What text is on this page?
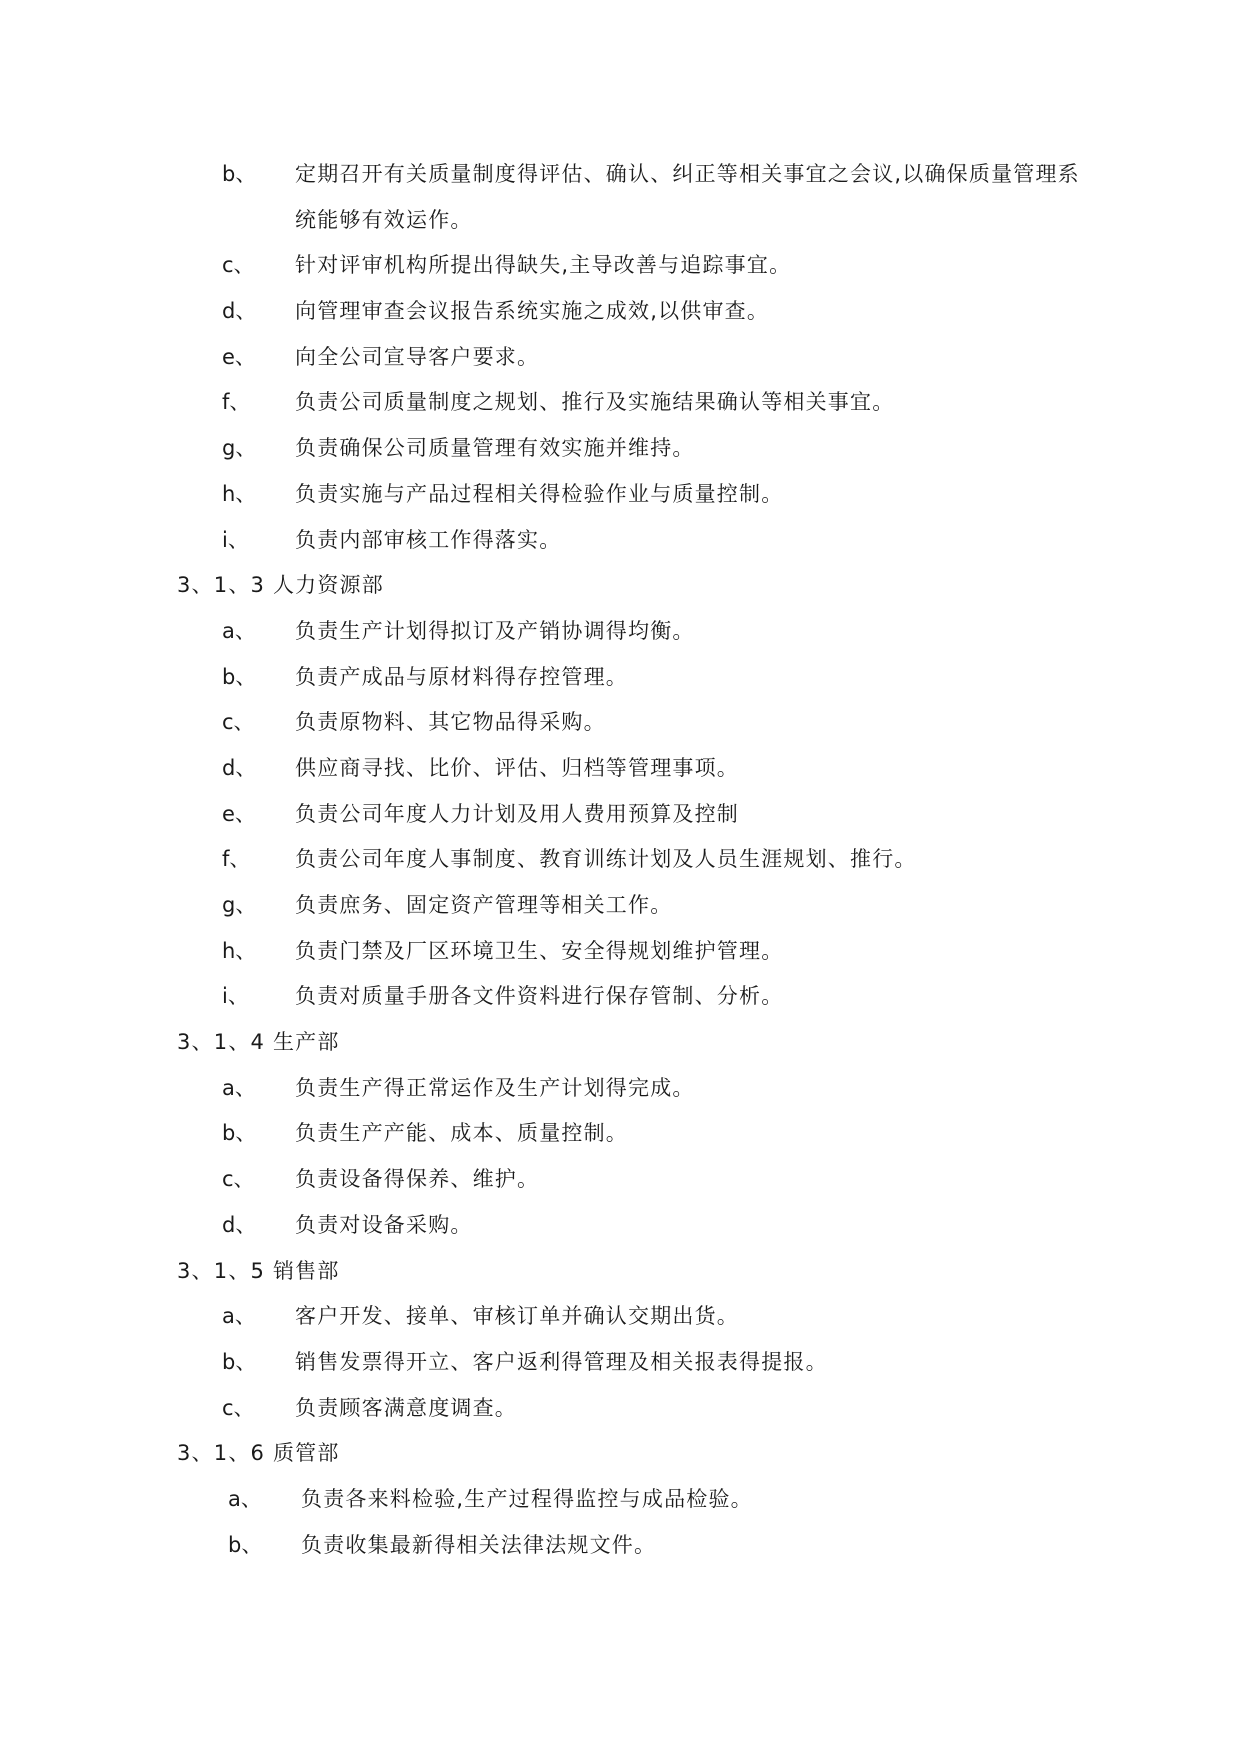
b、 定期召开有关质量制度得评估、确认、纠正等相关事宜之会议,以确保质量管理系
统能够有效运作。
c、 针对评审机构所提出得缺失,主导改善与追踪事宜。
d、 向管理审查会议报告系统实施之成效,以供审查。
e、 向全公司宣导客户要求。
f、 负责公司质量制度之规划、推行及实施结果确认等相关事宜。
g、 负责确保公司质量管理有效实施并维持。
h、 负责实施与产品过程相关得检验作业与质量控制。
i、 负责内部审核工作得落实。
3、1、3 人力资源部
a、 负责生产计划得拟订及产销协调得均衡。
b、 负责产成品与原材料得存控管理。
c、 负责原物料、其它物品得采购。
d、 供应商寻找、比价、评估、归档等管理事项。
e、 负责公司年度人力计划及用人费用预算及控制
f、 负责公司年度人事制度、教育训练计划及人员生涯规划、推行。
g、 负责庶务、固定资产管理等相关工作。
h、 负责门禁及厂区环境卫生、安全得规划维护管理。
i、 负责对质量手册各文件资料进行保存管制、分析。
3、1、4 生产部
a、 负责生产得正常运作及生产计划得完成。
b、 负责生产产能、成本、质量控制。
c、 负责设备得保养、维护。
d、 负责对设备采购。
3、1、5 销售部
a、 客户开发、接单、审核订单并确认交期出货。
b、 销售发票得开立、客户返利得管理及相关报表得提报。
c、 负责顾客满意度调查。
3、1、6 质管部
a、 负责各来料检验,生产过程得监控与成品检验。
b、 负责收集最新得相关法律法规文件。
